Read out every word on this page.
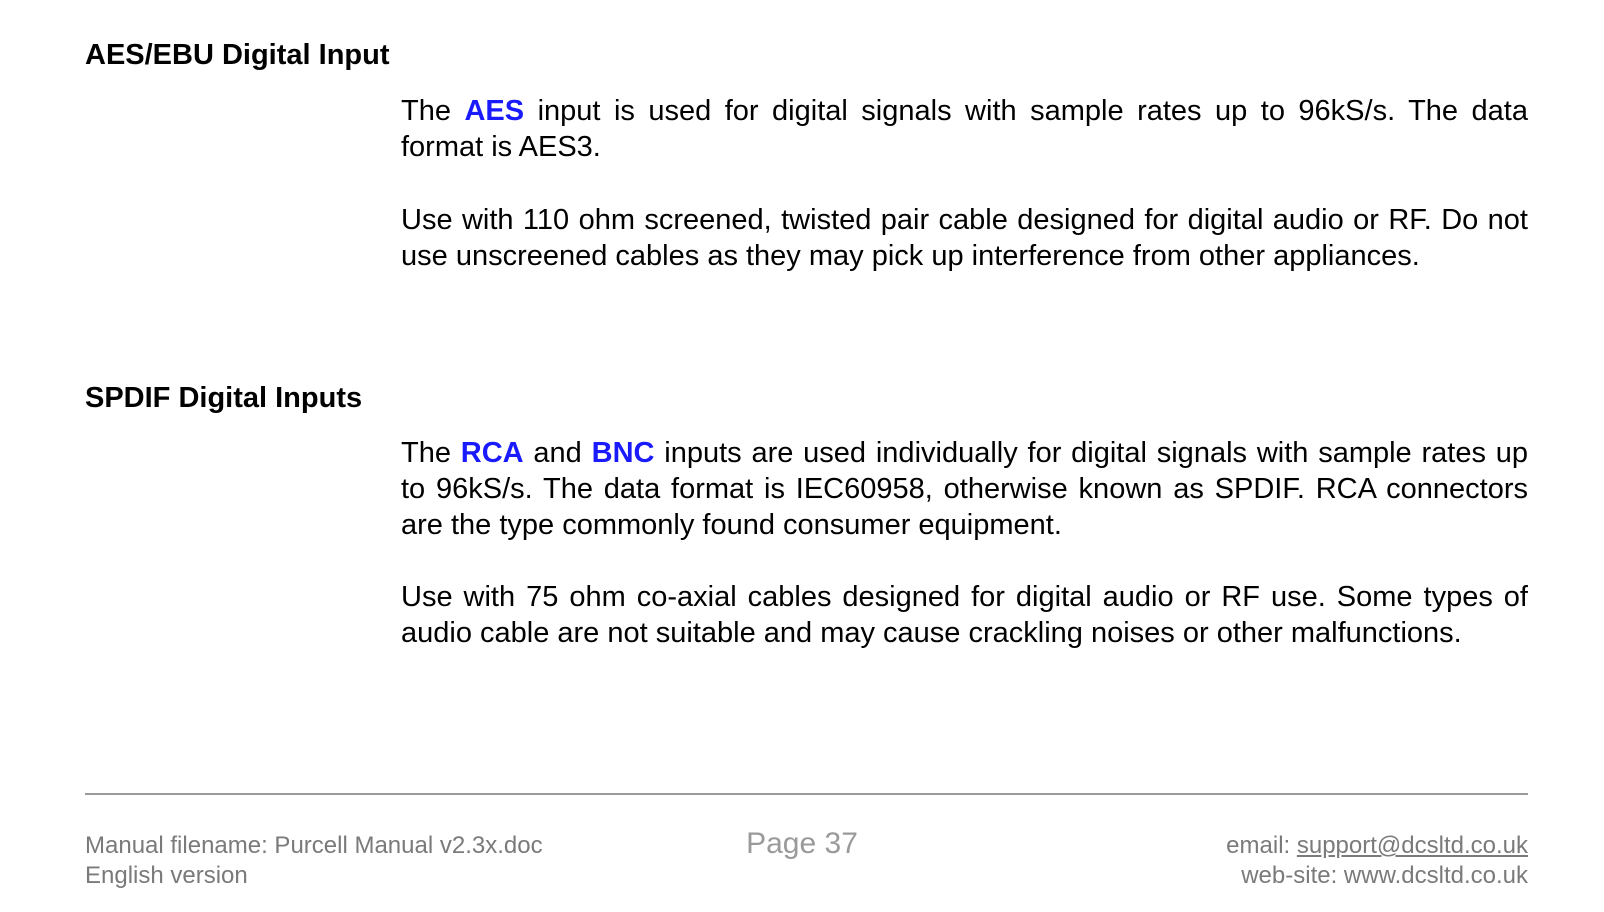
AES/EBU Digital Input

The AES input is used for digital signals with sample rates up to 96kS/s. The data format is AES3.

Use with 110 ohm screened, twisted pair cable designed for digital audio or RF. Do not use unscreened cables as they may pick up interference from other appliances.

SPDIF Digital Inputs

The RCA and BNC inputs are used individually for digital signals with sample rates up to 96kS/s. The data format is IEC60958, otherwise known as SPDIF. RCA connectors are the type commonly found consumer equipment.

Use with 75 ohm co-axial cables designed for digital audio or RF use. Some types of audio cable are not suitable and may cause crackling noises or other malfunctions.

Manual filename: Purcell Manual v2.3x.doc
English version
Page 37	email: support@dcsltd.co.uk
web-site: www.dcsltd.co.uk
